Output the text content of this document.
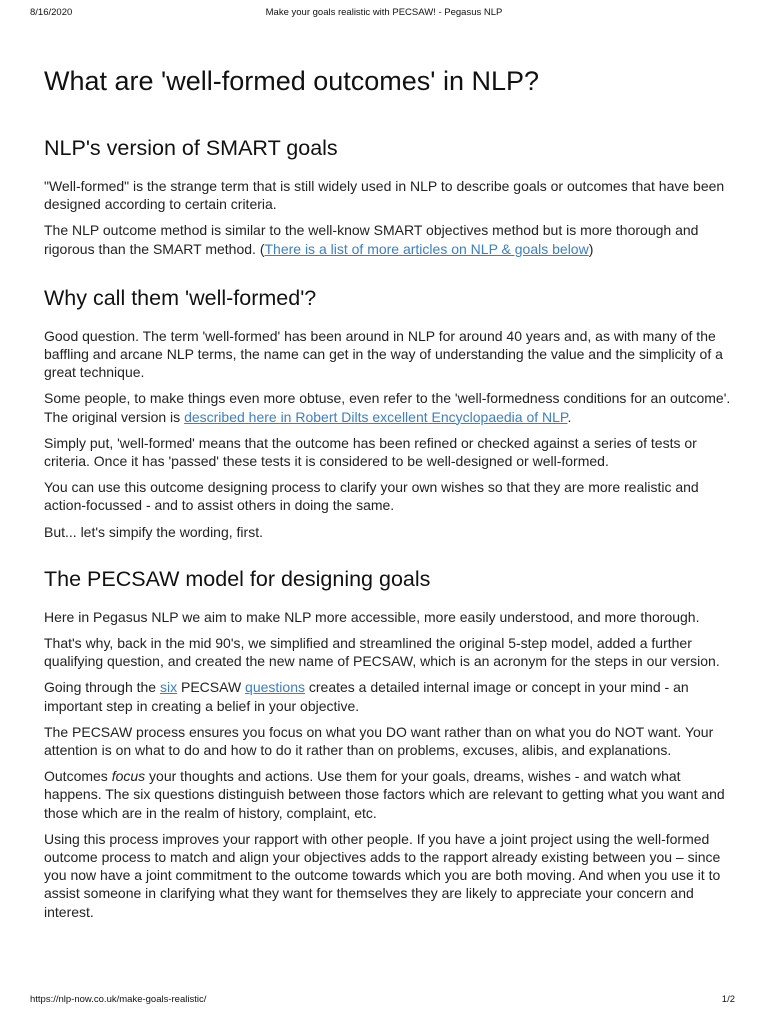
8/16/2020	Make your goals realistic with PECSAW! - Pegasus NLP
What are 'well-formed outcomes' in NLP?
NLP's version of SMART goals

"Well-formed" is the strange term that is still widely used in NLP to describe goals or outcomes that have been designed according to certain criteria.

The NLP outcome method is similar to the well-know SMART objectives method but is more thorough and rigorous than the SMART method. (There is a list of more articles on NLP & goals below)

Why call them 'well-formed'?

Good question. The term 'well-formed' has been around in NLP for around 40 years and, as with many of the baffling and arcane NLP terms, the name can get in the way of understanding the value and the simplicity of a great technique.

Some people, to make things even more obtuse, even refer to the 'well-formedness conditions for an outcome'. The original version is described here in Robert Dilts excellent Encyclopaedia of NLP.

Simply put, 'well-formed' means that the outcome has been refined or checked against a series of tests or criteria. Once it has 'passed' these tests it is considered to be well-designed or well-formed.

You can use this outcome designing process to clarify your own wishes so that they are more realistic and action-focussed - and to assist others in doing the same.

But... let's simpify the wording, first.

The PECSAW model for designing goals

Here in Pegasus NLP we aim to make NLP more accessible, more easily understood, and more thorough.

That's why, back in the mid 90's, we simplified and streamlined the original 5-step model, added a further qualifying question, and created the new name of PECSAW, which is an acronym for the steps in our version.

Going through the six PECSAW questions creates a detailed internal image or concept in your mind - an important step in creating a belief in your objective.

The PECSAW process ensures you focus on what you DO want rather than on what you do NOT want. Your attention is on what to do and how to do it rather than on problems, excuses, alibis, and explanations.

Outcomes focus your thoughts and actions. Use them for your goals, dreams, wishes - and watch what happens. The six questions distinguish between those factors which are relevant to getting what you want and those which are in the realm of history, complaint, etc.

Using this process improves your rapport with other people. If you have a joint project using the well-formed outcome process to match and align your objectives adds to the rapport already existing between you – since you now have a joint commitment to the outcome towards which you are both moving. And when you use it to assist someone in clarifying what they want for themselves they are likely to appreciate your concern and interest.

https://nlp-now.co.uk/make-goals-realistic/	1/2
